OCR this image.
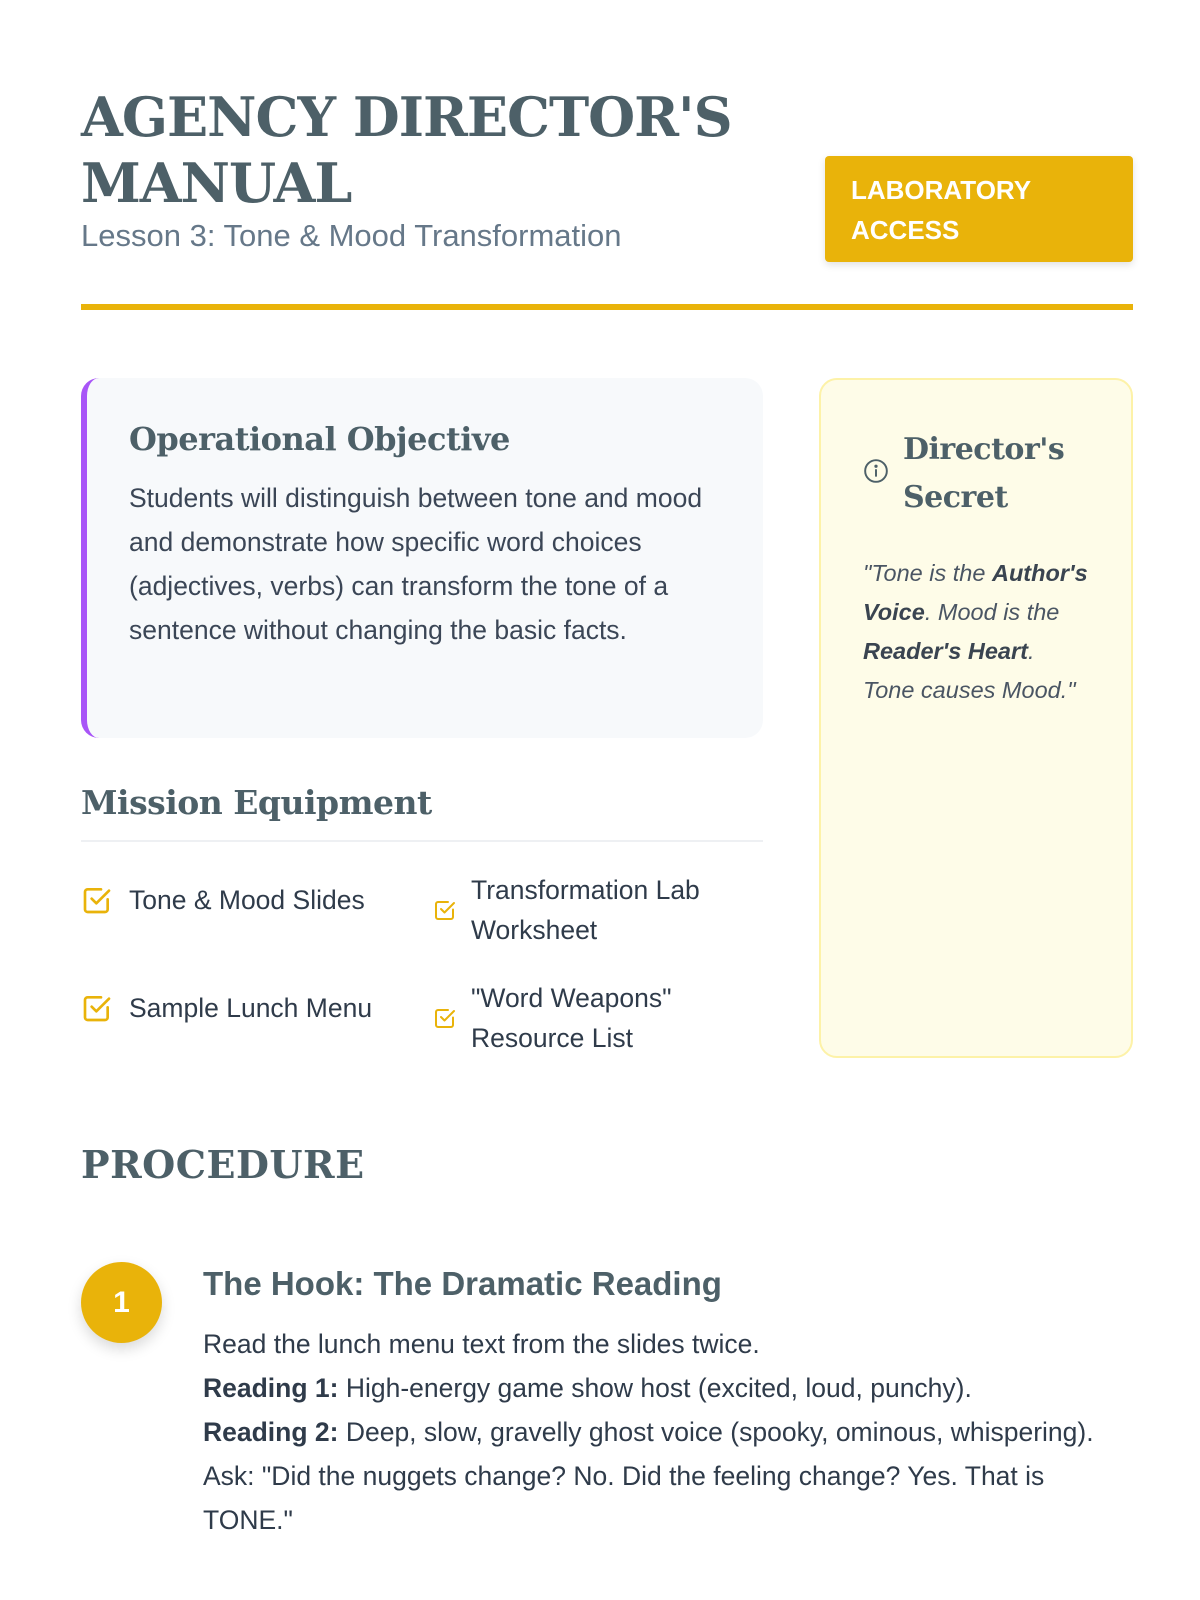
AGENCY DIRECTOR'S MANUAL

Lesson 3: Tone & Mood Transformation

LABORATORY ACCESS
Operational Objective

Students will distinguish between tone and mood and demonstrate how specific word choices (adjectives, verbs) can transform the tone of a sentence without changing the basic facts.

Mission Equipment
Tone & Mood Slides	Transformation Lab Worksheet
Sample Lunch Menu	"Word Weapons" Resource List
Director's Secret
"Tone is the Author's Voice. Mood is the Reader's Heart. Tone causes Mood."
PROCEDURE
1
The Hook: The Dramatic Reading
Read the lunch menu text from the slides twice.
Reading 1: High-energy game show host (excited, loud, punchy).
Reading 2: Deep, slow, gravelly ghost voice (spooky, ominous, whispering).
Ask: "Did the nuggets change? No. Did the feeling change? Yes. That is TONE."
